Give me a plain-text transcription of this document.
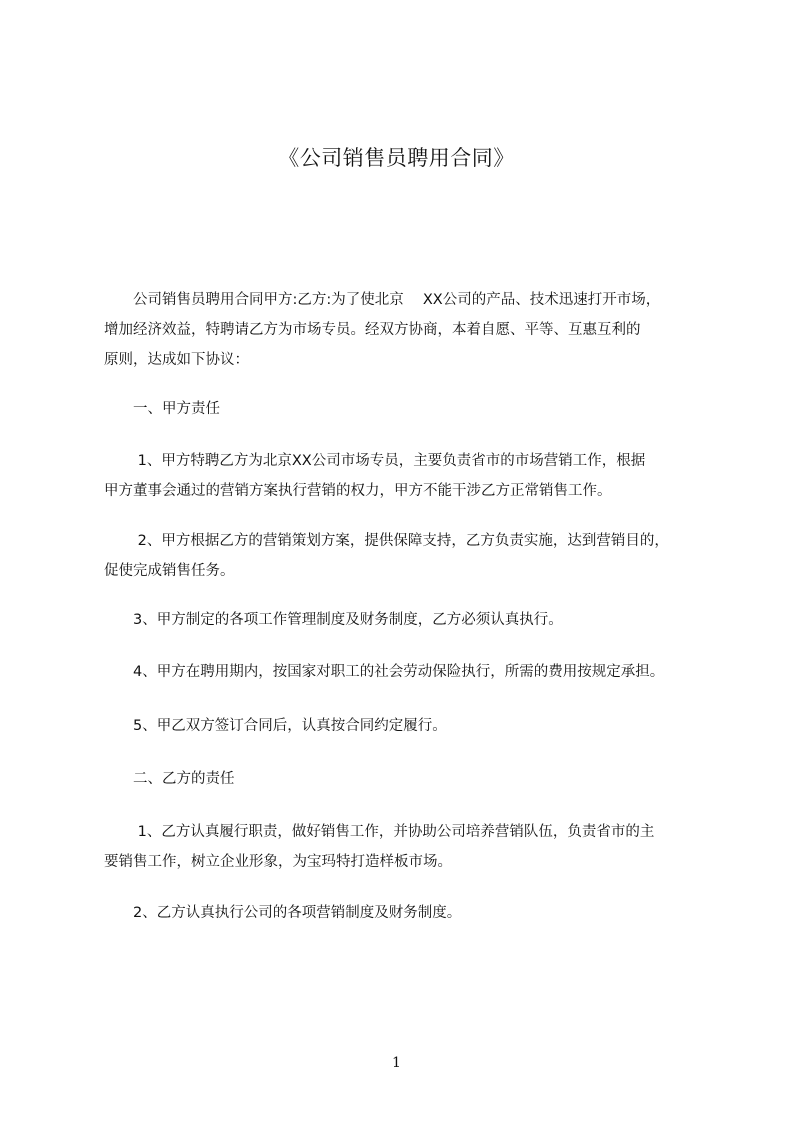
《公司销售员聘用合同》
　　公司销售员聘用合同甲方:乙方:为了使北京　 XX公司的产品、技术迅速打开市场，
增加经济效益，特聘请乙方为市场专员。经双方协商，本着自愿、平等、互惠互利的
原则，达成如下协议：
　　一、甲方责任
　　 1、甲方特聘乙方为北京XX公司市场专员，主要负责省市的市场营销工作，根据
甲方董事会通过的营销方案执行营销的权力，甲方不能干涉乙方正常销售工作。
　　 2、甲方根据乙方的营销策划方案，提供保障支持，乙方负责实施，达到营销目的，
促使完成销售任务。
　　3、甲方制定的各项工作管理制度及财务制度，乙方必须认真执行。
　　4、甲方在聘用期内，按国家对职工的社会劳动保险执行，所需的费用按规定承担。
　　5、甲乙双方签订合同后，认真按合同约定履行。
　　二、乙方的责任
　　 1、乙方认真履行职责，做好销售工作，并协助公司培养营销队伍，负责省市的主
要销售工作，树立企业形象，为宝玛特打造样板市场。
　　2、乙方认真执行公司的各项营销制度及财务制度。
1
